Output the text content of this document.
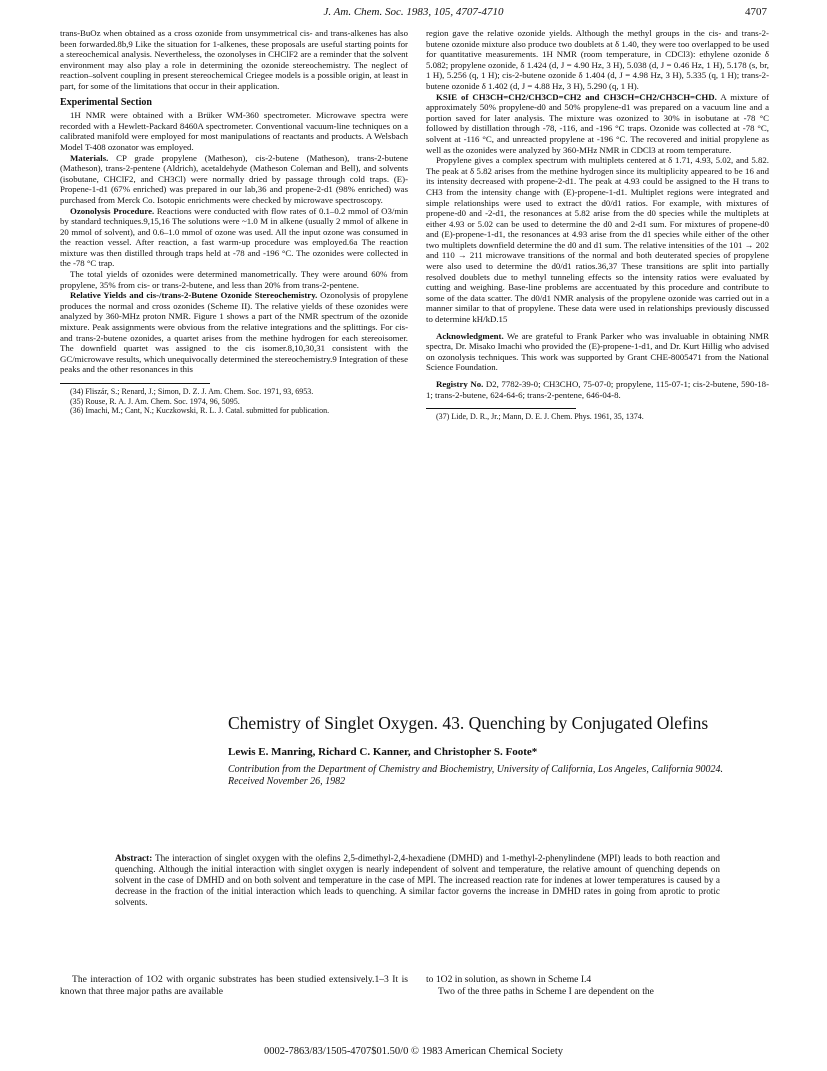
J. Am. Chem. Soc. 1983, 105, 4707-4710	4707

trans-BuOz when obtained as a cross ozonide from unsymmetrical cis- and trans-alkenes has also been forwarded.8b,9 Like the situation for 1-alkenes, these proposals are useful starting points for a stereochemical analysis. Nevertheless, the ozonolyses in CHClF2 are a reminder that the solvent environment may also play a role in determining the ozonide stereochemistry. The neglect of reaction–solvent coupling in present stereochemical Criegee models is a possible origin, at least in part, for some of the limitations that occur in their application.

Experimental Section

1H NMR were obtained with a Brüker WM-360 spectrometer. Microwave spectra were recorded with a Hewlett-Packard 8460A spectrometer. Conventional vacuum-line techniques on a calibrated manifold were employed for most manipulations of reactants and products. A Welsbach Model T-408 ozonator was employed.

Materials. CP grade propylene (Matheson), cis-2-butene (Matheson), trans-2-butene (Matheson), trans-2-pentene (Aldrich), acetaldehyde (Matheson Coleman and Bell), and solvents (isobutane, CHClF2, and CH3Cl) were normally dried by passage through cold traps. (E)-Propene-1-d1 (67% enriched) was prepared in our lab,36 and propene-2-d1 (98% enriched) was purchased from Merck Co. Isotopic enrichments were checked by microwave spectroscopy.

Ozonolysis Procedure. Reactions were conducted with flow rates of 0.1–0.2 mmol of O3/min by standard techniques.9,15,16 The solutions were ~1.0 M in alkene (usually 2 mmol of alkene in 20 mmol of solvent), and 0.6–1.0 mmol of ozone was used. All the input ozone was consumed in the reaction vessel. After reaction, a fast warm-up procedure was employed.6a The reaction mixture was then distilled through traps held at -78 and -196 °C. The ozonides were collected in the -78 °C trap.

The total yields of ozonides were determined manometrically. They were around 60% from propylene, 35% from cis- or trans-2-butene, and less than 20% from trans-2-pentene.

Relative Yields and cis-/trans-2-Butene Ozonide Stereochemistry. Ozonolysis of propylene produces the normal and cross ozonides (Scheme II). The relative yields of these ozonides were analyzed by 360-MHz proton NMR. Figure 1 shows a part of the NMR spectrum of the ozonide mixture. Peak assignments were obvious from the relative integrations and the splittings. For cis- and trans-2-butene ozonides, a quartet arises from the methine hydrogen for each stereoisomer. The downfield quartet was assigned to the cis isomer.8,10,30,31 consistent with the GC/microwave results, which unequivocally determined the stereochemistry.9 Integration of these peaks and the other resonances in this

(34) Fliszár, S.; Renard, J.; Simon, D. Z. J. Am. Chem. Soc. 1971, 93, 6953.

(35) Rouse, R. A. J. Am. Chem. Soc. 1974, 96, 5095.

(36) Imachi, M.; Cant, N.; Kuczkowski, R. L. J. Catal. submitted for publication.

region gave the relative ozonide yields. Although the methyl groups in the cis- and trans-2-butene ozonide mixture also produce two doublets at δ 1.40, they were too overlapped to be used for quantitative measurements. 1H NMR (room temperature, in CDCl3): ethylene ozonide δ 5.082; propylene ozonide, δ 1.424 (d, J = 4.90 Hz, 3 H), 5.038 (d, J = 0.46 Hz, 1 H), 5.178 (s, br, 1 H), 5.256 (q, 1 H); cis-2-butene ozonide δ 1.404 (d, J = 4.98 Hz, 3 H), 5.335 (q, 1 H); trans-2-butene ozonide δ 1.402 (d, J = 4.88 Hz, 3 H), 5.290 (q, 1 H).

KSIE of CH3CH=CH2/CH3CD=CH2 and CH3CH=CH2/CH3CH=CHD. A mixture of approximately 50% propylene-d0 and 50% propylene-d1 was prepared on a vacuum line and a portion saved for later analysis. The mixture was ozonized to 30% in isobutane at -78 °C followed by distillation through -78, -116, and -196 °C traps. Ozonide was collected at -78 °C, solvent at -116 °C, and unreacted propylene at -196 °C. The recovered and initial propylene as well as the ozonides were analyzed by 360-MHz NMR in CDCl3 at room temperature.

Propylene gives a complex spectrum with multiplets centered at δ 1.71, 4.93, 5.02, and 5.82. The peak at δ 5.82 arises from the methine hydrogen since its multiplicity appeared to be 16 and its intensity decreased with propene-2-d1. The peak at 4.93 could be assigned to the H trans to CH3 from the intensity change with (E)-propene-1-d1. Multiplet regions were integrated and simple relationships were used to extract the d0/d1 ratios. For example, with mixtures of propene-d0 and -2-d1, the resonances at 5.82 arise from the d0 species while the multiplets at either 4.93 or 5.02 can be used to determine the d0 and 2-d1 sum. For mixtures of propene-d0 and (E)-propene-1-d1, the resonances at 4.93 arise from the d1 species while either of the other two multiplets downfield determine the d0 and d1 sum. The relative intensities of the 101 → 202 and 110 → 211 microwave transitions of the normal and both deuterated species of propylene were also used to determine the d0/d1 ratios.36,37 These transitions are split into partially resolved doublets due to methyl tunneling effects so the intensity ratios were evaluated by cutting and weighing. Base-line problems are accentuated by this procedure and contribute to some of the data scatter. The d0/d1 NMR analysis of the propylene ozonide was carried out in a manner similar to that of propylene. These data were used in relationships previously discussed to determine kH/kD.15

Acknowledgment. We are grateful to Frank Parker who was invaluable in obtaining NMR spectra, Dr. Misako Imachi who provided the (E)-propene-1-d1, and Dr. Kurt Hillig who advised on ozonolysis techniques. This work was supported by Grant CHE-8005471 from the National Science Foundation.

Registry No. D2, 7782-39-0; CH3CHO, 75-07-0; propylene, 115-07-1; cis-2-butene, 590-18-1; trans-2-butene, 624-64-6; trans-2-pentene, 646-04-8.

(37) Lide, D. R., Jr.; Mann, D. E. J. Chem. Phys. 1961, 35, 1374.

Chemistry of Singlet Oxygen. 43. Quenching by Conjugated Olefins
Lewis E. Manring, Richard C. Kanner, and Christopher S. Foote*

Contribution from the Department of Chemistry and Biochemistry, University of California, Los Angeles, California 90024. Received November 26, 1982

Abstract: The interaction of singlet oxygen with the olefins 2,5-dimethyl-2,4-hexadiene (DMHD) and 1-methyl-2-phenylindene (MPI) leads to both reaction and quenching. Although the initial interaction with singlet oxygen is nearly independent of solvent and temperature, the relative amount of quenching depends on solvent in the case of DMHD and on both solvent and temperature in the case of MPI. The increased reaction rate for indenes at lower temperatures is caused by a decrease in the fraction of the initial interaction which leads to quenching. A similar factor governs the increase in DMHD rates in going from aprotic to protic solvents.

The interaction of 1O2 with organic substrates has been studied extensively.1–3 It is known that three major paths are available

to 1O2 in solution, as shown in Scheme I.4

Two of the three paths in Scheme I are dependent on the

0002-7863/83/1505-4707$01.50/0 © 1983 American Chemical Society
